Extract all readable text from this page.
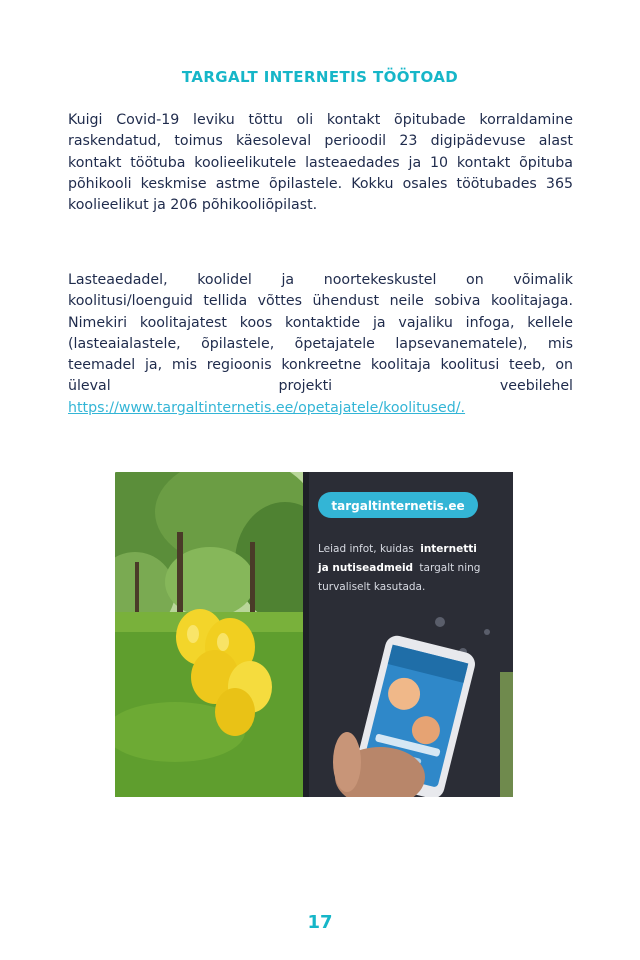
TARGALT INTERNETIS TÖÖTOAD

Kuigi Covid-19 leviku tõttu oli kontakt õpitubade korraldamine raskendatud, toimus käesoleval perioodil 23 digipädevuse alast kontakt töötuba koolieelikutele lasteaedades ja 10 kontakt õpituba põhikooli keskmise astme õpilastele. Kokku osales töötubades 365 koolieelikut ja 206 põhikooliõpilast.

Lasteaedadel, koolidel ja noortekeskustel on võimalik koolitusi/loenguid tellida võttes ühendust neile sobiva koolitajaga. Nimekiri koolitajatest koos kontaktide ja vajaliku infoga, kellele (lasteaialastele, õpilastele, õpetajatele lapsevanematele), mis teemadel ja, mis regioonis konkreetne koolitaja koolitusi teeb, on üleval projekti veebilehel https://www.targaltinternetis.ee/opetajatele/koolitused/.

targaltinternetis.ee
Leiad infot, kuidas internetti
ja nutiseadmeid targalt ning
turvaliselt kasutada.
17
